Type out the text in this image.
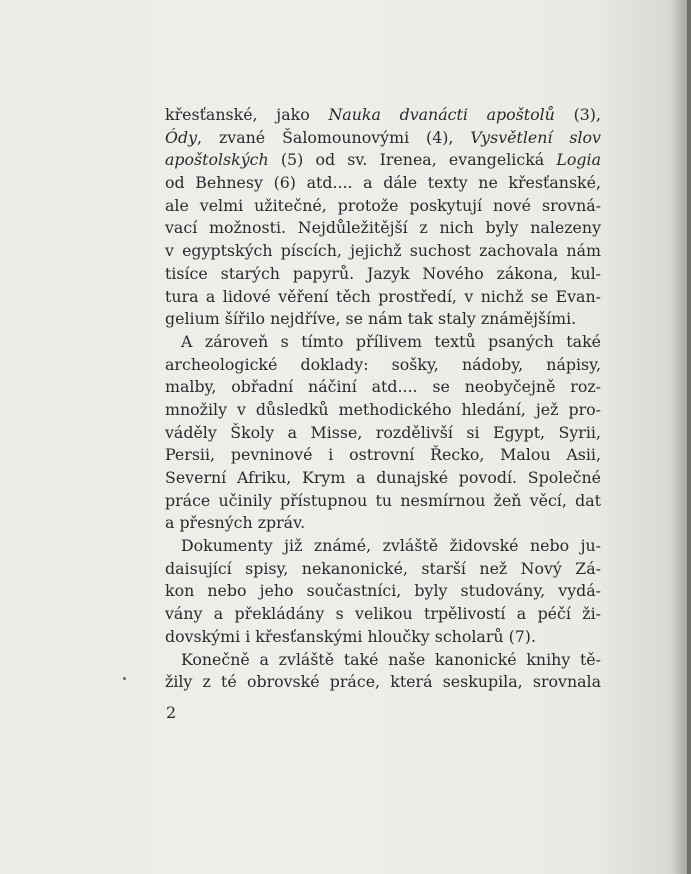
křesťanské, jako Nauka dvanácti apoštolů (3),
Ódy, zvané Šalomounovými (4), Vysvětlení slov
apoštolských (5) od sv. Irenea, evangelická Logia
od Behnesy (6) atd.... a dále texty ne křesťanské,
ale velmi užitečné, protože poskytují nové srovná-
vací možnosti. Nejdůležitější z nich byly nalezeny
v egyptských píscích, jejichž suchost zachovala nám
tisíce starých papyrů. Jazyk Nového zákona, kul-
tura a lidové věření těch prostředí, v nichž se Evan-
gelium šířilo nejdříve, se nám tak staly známějšími.
A zároveň s tímto přílivem textů psaných také
archeologické doklady: sošky, nádoby, nápisy,
malby, obřadní náčiní atd.... se neobyčejně roz-
množily v důsledků methodického hledání, jež pro-
váděly Školy a Misse, rozdělivší si Egypt, Syrii,
Persii, pevninové i ostrovní Řecko, Malou Asii,
Severní Afriku, Krym a dunajské povodí. Společné
práce učinily přístupnou tu nesmírnou žeň věcí, dat
a přesných zpráv.
Dokumenty již známé, zvláště židovské nebo ju-
daisující spisy, nekanonické, starší než Nový Zá-
kon nebo jeho součastníci, byly studovány, vydá-
vány a překládány s velikou trpělivostí a péčí ži-
dovskými i křesťanskými hloučky scholarů (7).
Konečně a zvláště také naše kanonické knihy tě-
žily z té obrovské práce, která seskupila, srovnala
2
